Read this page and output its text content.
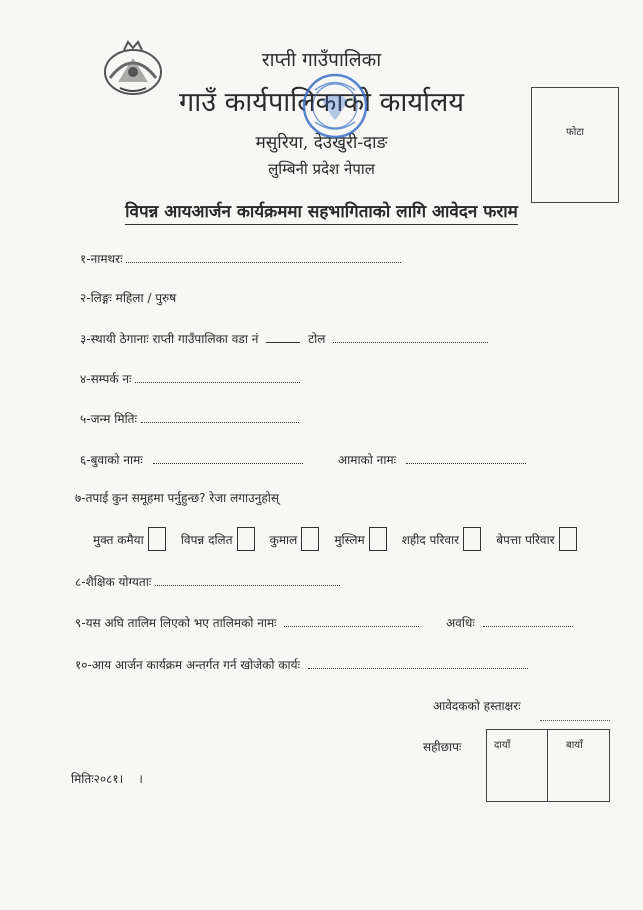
राप्ती गाउँपालिका
गाउँ कार्यपालिकाको कार्यालय
मसुरिया, देउखुरी-दाङ
लुम्बिनी प्रदेश नेपाल
फोटा
विपन्न आयआर्जन कार्यक्रममा सहभागिताको लागि आवेदन फराम
१-नामथरः
२-लिङ्गः महिला / पुरुष
३-स्थायी ठेगानाः राप्ती गाउँपालिका वडा नं	टोल
४-सम्पर्क नः
५-जन्म मितिः
६-बुवाको नामः	आमाको नामः
७-तपाई कुन समूहमा पर्नुहुन्छ? रेजा लगाउनुहोस्
मुक्त कमैया
	विपन्न दलित
	कुमाल
	मुस्लिम
	शहीद परिवार
	बेपत्ता परिवार
८-शैक्षिक योग्यताः
९-यस अघि तालिम लिएको भए तालिमको नामः	अवधिः
१०-आय आर्जन कार्यक्रम अन्तर्गत गर्न खोजेको कार्यः
आवेदकको हस्ताक्षरः
सहीछापः	दायाँ	बायाँ
मितिः२०८१।    ।
